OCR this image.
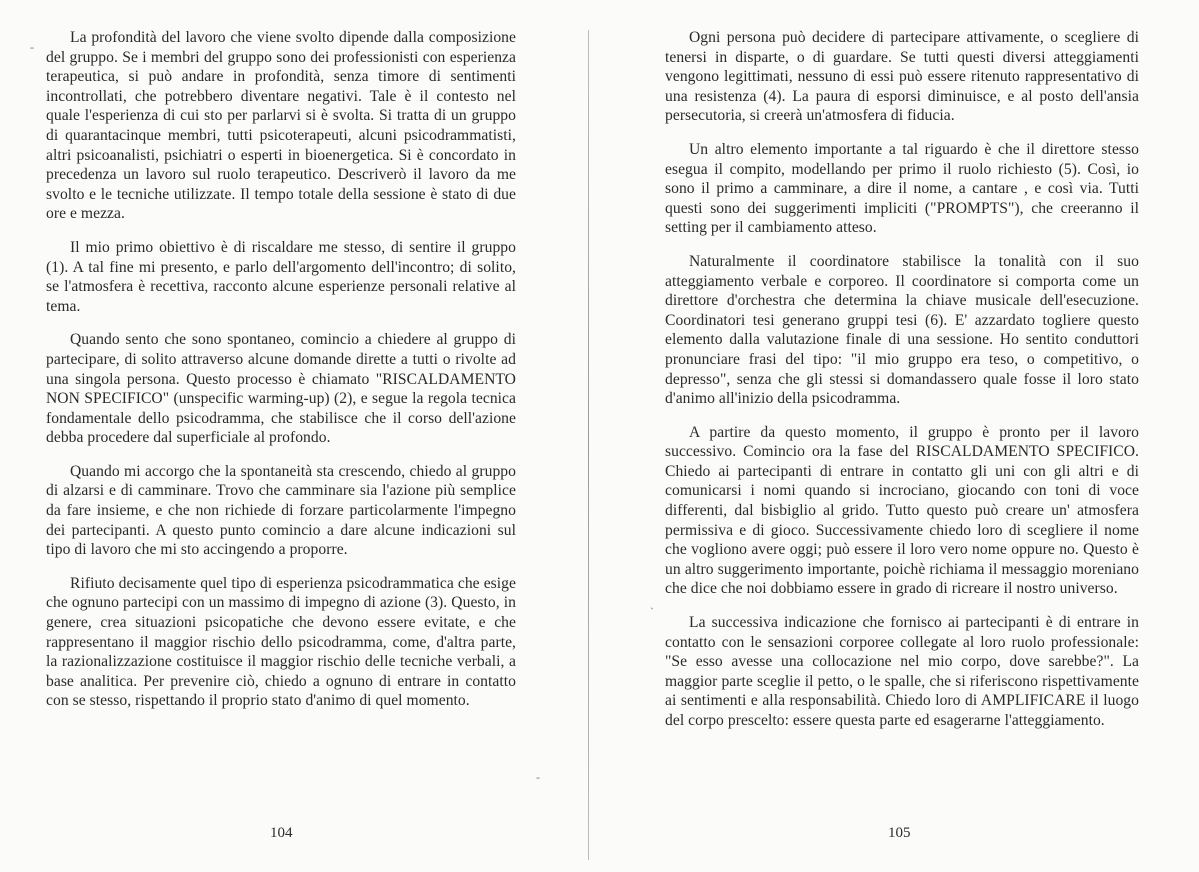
La profondità del lavoro che viene svolto dipende dalla composizione del gruppo. Se i membri del gruppo sono dei professionisti con esperienza terapeutica, si può andare in profondità, senza timore di sentimenti incontrollati, che potrebbero diventare negativi. Tale è il contesto nel quale l'esperienza di cui sto per parlarvi si è svolta. Si tratta di un gruppo di quarantacinque membri, tutti psicoterapeuti, alcuni psicodrammatisti, altri psicoanalisti, psichiatri o esperti in bioenergetica. Si è concordato in precedenza un lavoro sul ruolo terapeutico. Descriverò il lavoro da me svolto e le tecniche utilizzate. Il tempo totale della sessione è stato di due ore e mezza.

Il mio primo obiettivo è di riscaldare me stesso, di sentire il gruppo (1). A tal fine mi presento, e parlo dell'argomento dell'incontro; di solito, se l'atmosfera è recettiva, racconto alcune esperienze personali relative al tema.

Quando sento che sono spontaneo, comincio a chiedere al gruppo di partecipare, di solito attraverso alcune domande dirette a tutti o rivolte ad una singola persona. Questo processo è chiamato "RISCALDAMENTO NON SPECIFICO" (unspecific warming-up) (2), e segue la regola tecnica fondamentale dello psicodramma, che stabilisce che il corso dell'azione debba procedere dal superficiale al profondo.

Quando mi accorgo che la spontaneità sta crescendo, chiedo al gruppo di alzarsi e di camminare. Trovo che camminare sia l'azione più semplice da fare insieme, e che non richiede di forzare particolarmente l'impegno dei partecipanti. A questo punto comincio a dare alcune indicazioni sul tipo di lavoro che mi sto accingendo a proporre.

Rifiuto decisamente quel tipo di esperienza psicodrammatica che esige che ognuno partecipi con un massimo di impegno di azione (3). Questo, in genere, crea situazioni psicopatiche che devono essere evitate, e che rappresentano il maggior rischio dello psicodramma, come, d'altra parte, la razionalizzazione costituisce il maggior rischio delle tecniche verbali, a base analitica. Per prevenire ciò, chiedo a ognuno di entrare in contatto con se stesso, rispettando il proprio stato d'animo di quel momento.

Ogni persona può decidere di partecipare attivamente, o scegliere di tenersi in disparte, o di guardare. Se tutti questi diversi atteggiamenti vengono legittimati, nessuno di essi può essere ritenuto rappresentativo di una resistenza (4). La paura di esporsi diminuisce, e al posto dell'ansia persecutoria, si creerà un'atmosfera di fiducia.

Un altro elemento importante a tal riguardo è che il direttore stesso esegua il compito, modellando per primo il ruolo richiesto (5). Così, io sono il primo a camminare, a dire il nome, a cantare , e così via. Tutti questi sono dei suggerimenti impliciti ("PROMPTS"), che creeranno il setting per il cambiamento atteso.

Naturalmente il coordinatore stabilisce la tonalità con il suo atteggiamento verbale e corporeo. Il coordinatore si comporta come un direttore d'orchestra che determina la chiave musicale dell'esecuzione. Coordinatori tesi generano gruppi tesi (6). E' azzardato togliere questo elemento dalla valutazione finale di una sessione. Ho sentito conduttori pronunciare frasi del tipo: "il mio gruppo era teso, o competitivo, o depresso", senza che gli stessi si domandassero quale fosse il loro stato d'animo all'inizio della psicodramma.

A partire da questo momento, il gruppo è pronto per il lavoro successivo. Comincio ora la fase del RISCALDAMENTO SPECIFICO. Chiedo ai partecipanti di entrare in contatto gli uni con gli altri e di comunicarsi i nomi quando si incrociano, giocando con toni di voce differenti, dal bisbiglio al grido. Tutto questo può creare un' atmosfera permissiva e di gioco. Successivamente chiedo loro di scegliere il nome che vogliono avere oggi; può essere il loro vero nome oppure no. Questo è un altro suggerimento importante, poichè richiama il messaggio moreniano che dice che noi dobbiamo essere in grado di ricreare il nostro universo.

La successiva indicazione che fornisco ai partecipanti è di entrare in contatto con le sensazioni corporee collegate al loro ruolo professionale: "Se esso avesse una collocazione nel mio corpo, dove sarebbe?". La maggior parte sceglie il petto, o le spalle, che si riferiscono rispettivamente ai sentimenti e alla responsabilità. Chiedo loro di AMPLIFICARE il luogo del corpo prescelto: essere questa parte ed esagerarne l'atteggiamento.

104	105
-
`
-
